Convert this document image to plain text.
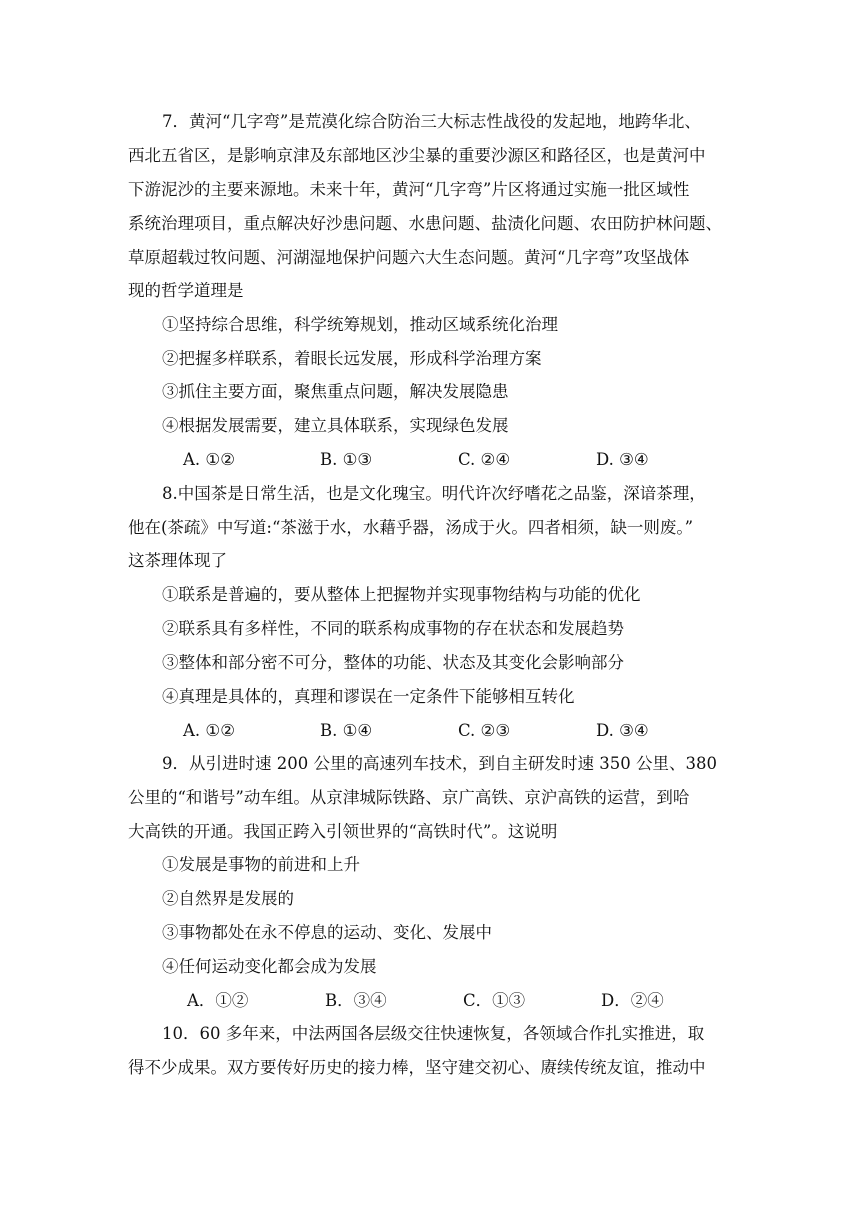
7．黄河“几字弯”是荒漠化综合防治三大标志性战役的发起地，地跨华北、
西北五省区，是影响京津及东部地区沙尘暴的重要沙源区和路径区，也是黄河中
下游泥沙的主要来源地。未来十年，黄河“几字弯”片区将通过实施一批区域性
系统治理项目，重点解决好沙患问题、水患问题、盐渍化问题、农田防护林问题、
草原超载过牧问题、河湖湿地保护问题六大生态问题。黄河“几字弯”攻坚战体
现的哲学道理是
①坚持综合思维，科学统筹规划，推动区域系统化治理
②把握多样联系，着眼长远发展，形成科学治理方案
③抓住主要方面，聚焦重点问题，解决发展隐患
④根据发展需要，建立具体联系，实现绿色发展
A. ①②	B. ①③	C. ②④	D. ③④
8.中国茶是日常生活，也是文化瑰宝。明代许次纾嗜花之品鉴，深谙茶理，
他在(茶疏》中写道:“茶滋于水，水藉乎器，汤成于火。四者相须，缺一则废。”
这茶理体现了
①联系是普遍的，要从整体上把握物并实现事物结构与功能的优化
②联系具有多样性，不同的联系构成事物的存在状态和发展趋势
③整体和部分密不可分，整体的功能、状态及其变化会影响部分
④真理是具体的，真理和谬误在一定条件下能够相互转化
A. ①②	B. ①④	C. ②③	D. ③④
9．从引进时速 200 公里的高速列车技术，到自主研发时速 350 公里、380
公里的“和谐号”动车组。从京津城际铁路、京广高铁、京沪高铁的运营，到哈
大高铁的开通。我国正跨入引领世界的“高铁时代”。这说明
①发展是事物的前进和上升
②自然界是发展的
③事物都处在永不停息的运动、变化、发展中
④任何运动变化都会成为发展
A．①②	B．③④	C．①③	D．②④
10．60 多年来，中法两国各层级交往快速恢复，各领域合作扎实推进，取
得不少成果。双方要传好历史的接力棒，坚守建交初心、赓续传统友谊，推动中
